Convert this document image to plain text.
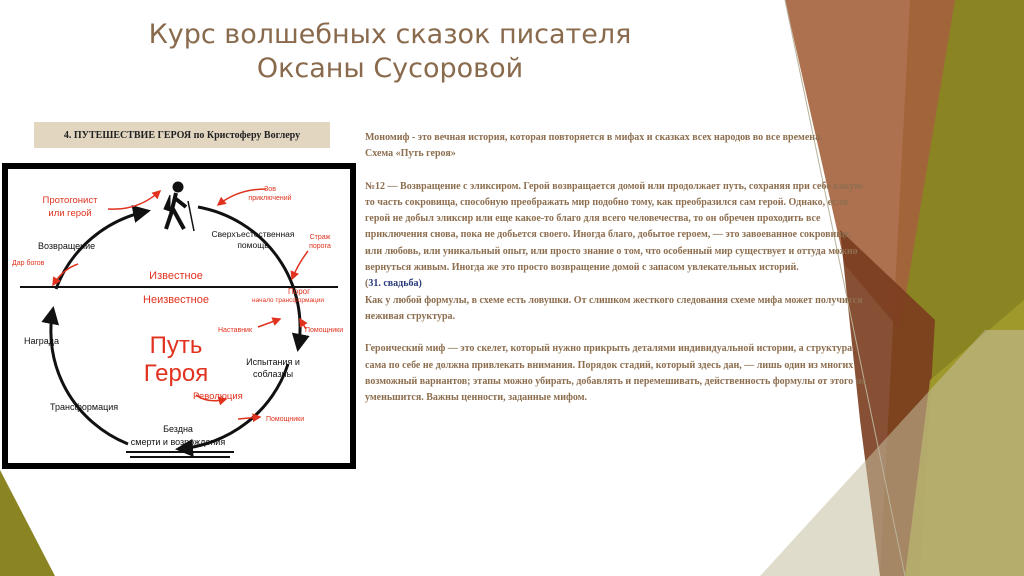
Курс волшебных сказок писателя
Оксаны Сусоровой
4. ПУТЕШЕСТВИЕ ГЕРОЯ по Кристоферу Воглеру
Протогонист
или герой
Известное
Неизвестное
Революция
Порог
Зов
приключений
Страж
порога
начало трансформации
Дар богов
Наставник	Помощники
Помощники
Сверхъестественная
помощь
Возвращение
Награда
Испытания и
соблазны
Трансформация
Бездна
смерти и возрождения
Путь
Героя

Мономиф - это вечная история, которая повторяется в мифах и сказках всех народов во все времена.

Схема «Путь героя»

№12 — Возвращение с эликсиром. Герой возвращается домой или продолжает путь, сохраняя при себе какую-то часть сокровища, способную преображать мир подобно тому, как преобразился сам герой. Однако, если герой не добыл эликсир или еще какое-то благо для всего человечества, то он обречен проходить все приключения снова, пока не добьется своего. Иногда благо, добытое героем, — это завоеванное сокровище, или любовь, или уникальный опыт, или просто знание о том, что особенный мир существует и оттуда можно вернуться живым. Иногда же это просто возвращение домой с запасом увлекательных историй.

(31. свадьба)

Как у любой формулы, в схеме есть ловушки. От слишком жесткого следования схеме мифа может получится неживая структура.

Героический миф — это скелет, который нужно прикрыть деталями индивидуальной истории, а структура сама по себе не должна привлекать внимания. Порядок стадий, который здесь дан, — лишь один из многих возможный вариантов; этапы можно убирать, добавлять и перемешивать, действенность формулы от этого не уменьшится. Важны ценности, заданные мифом.
